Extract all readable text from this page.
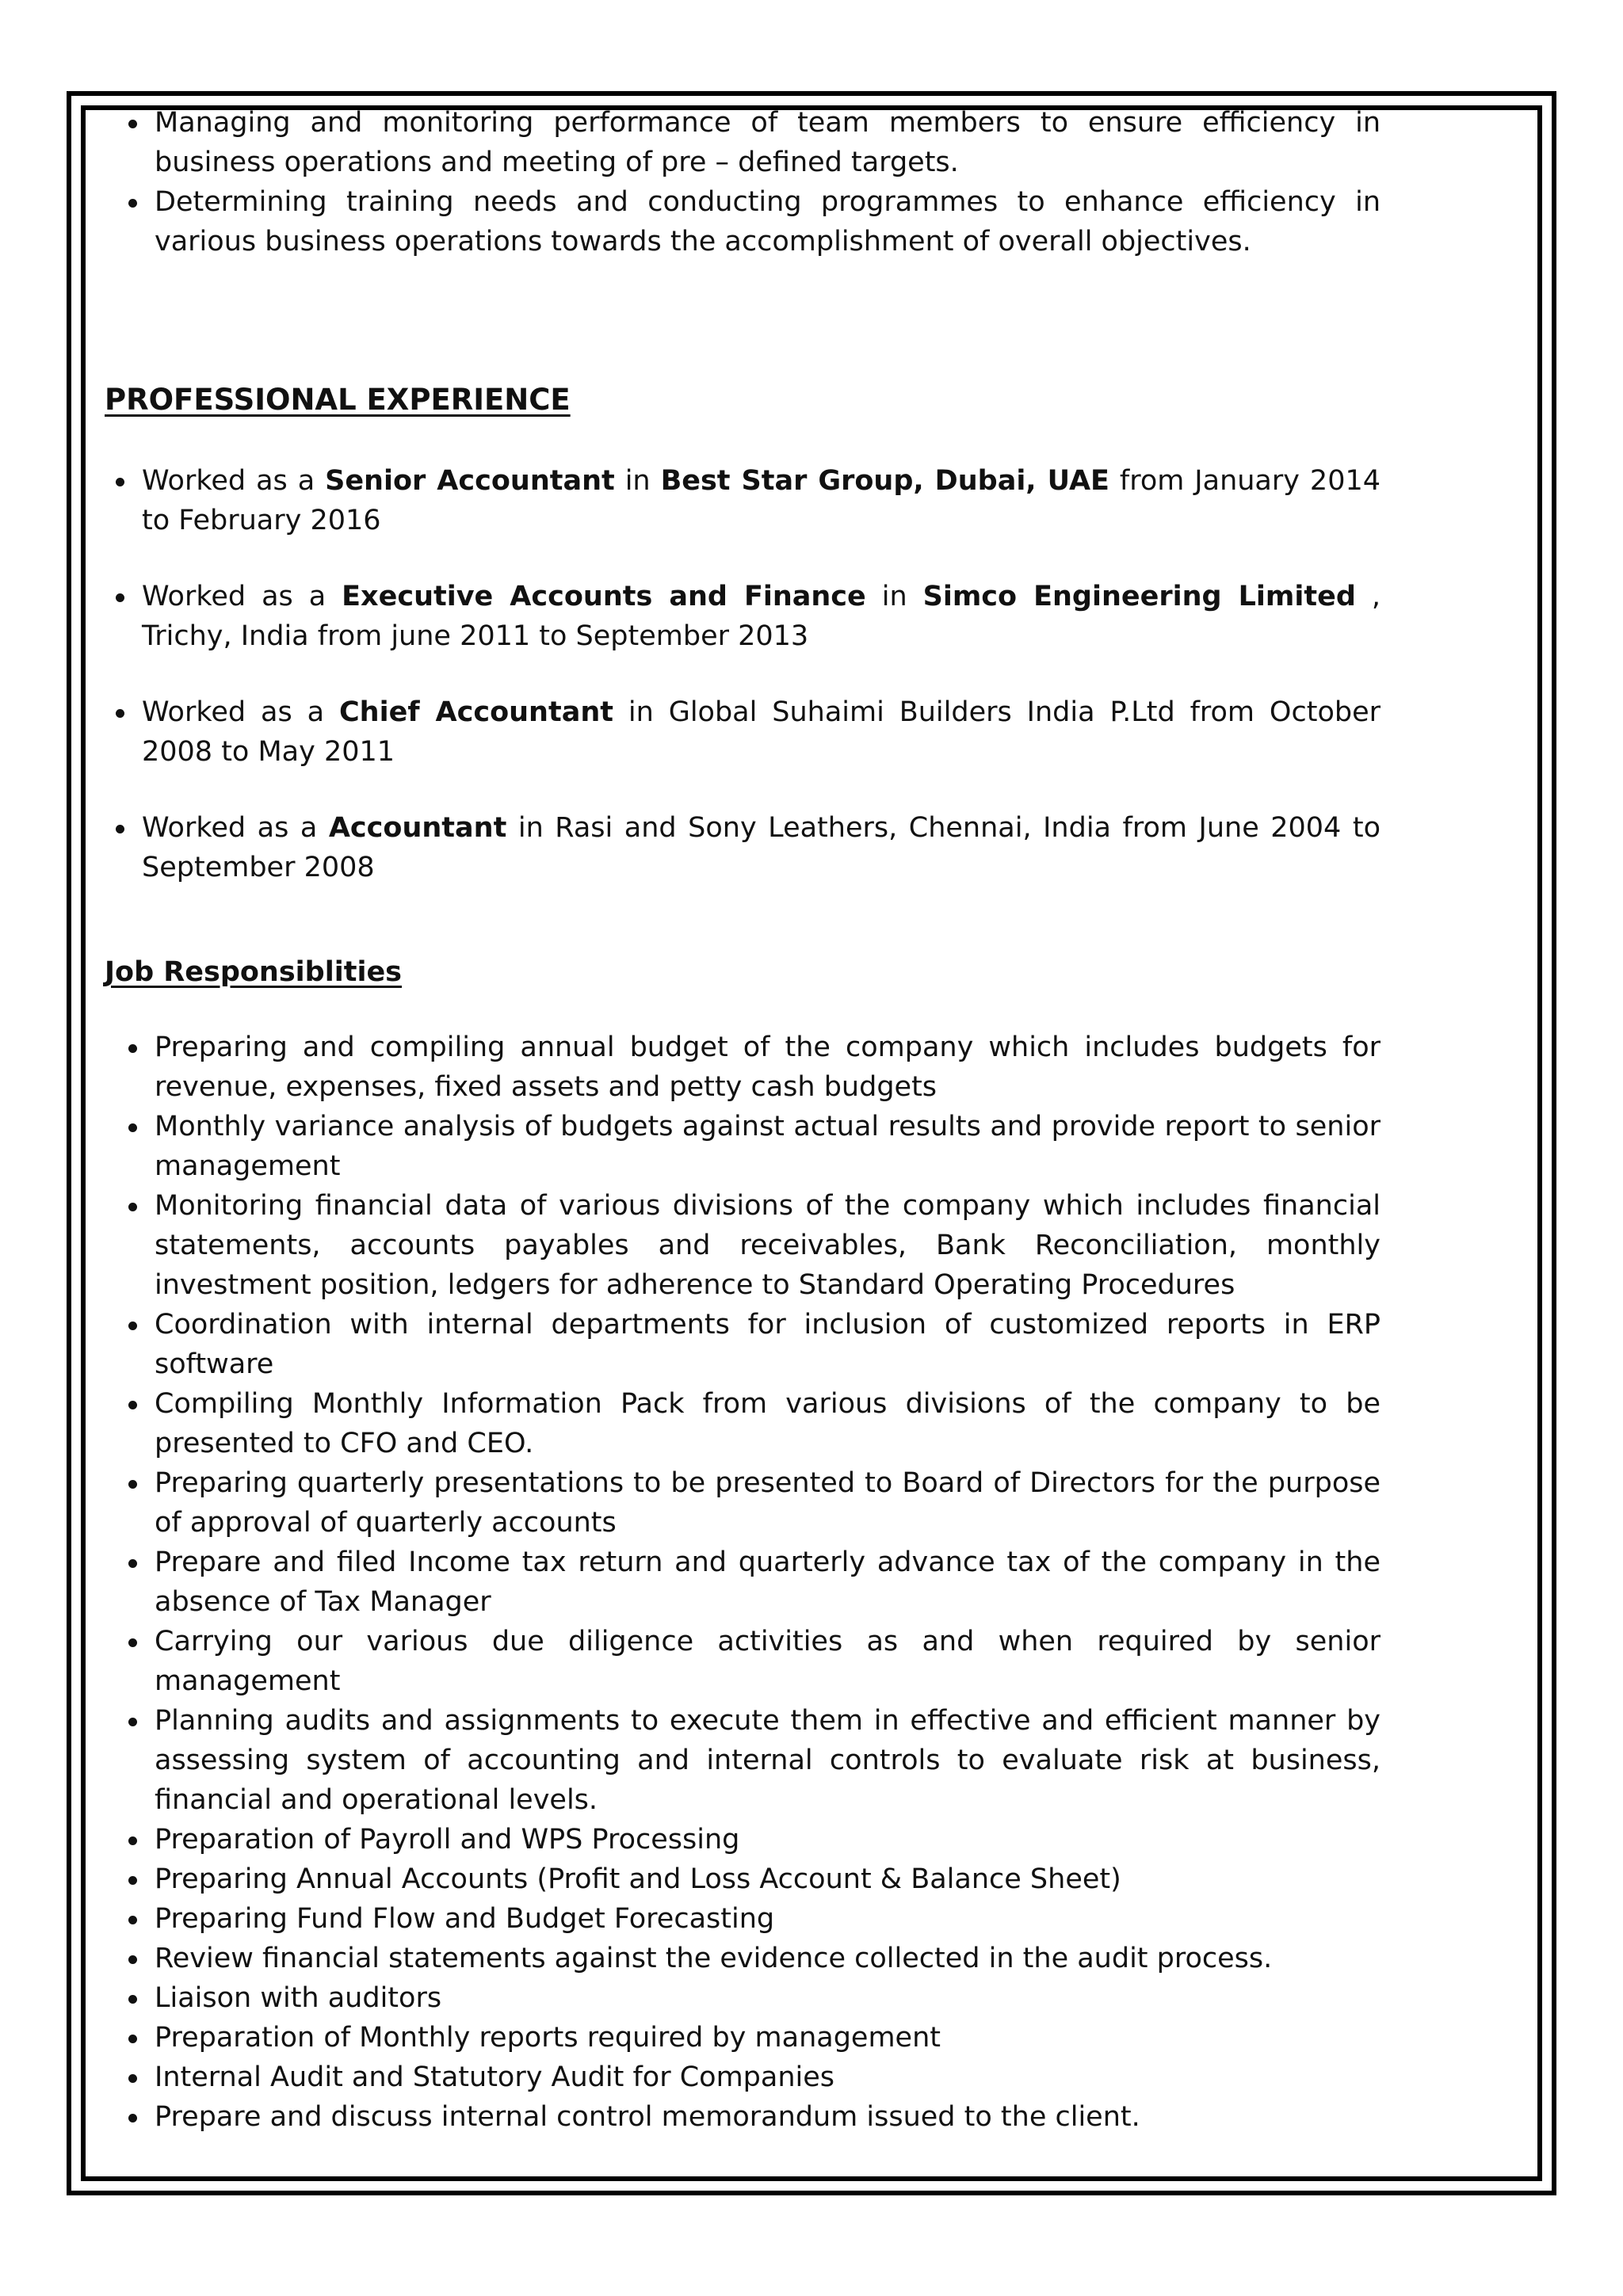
Managing and monitoring performance of team members to ensure efficiency in business operations and meeting of pre – defined targets.
Determining training needs and conducting programmes to enhance efficiency in various business operations towards the accomplishment of overall objectives.
PROFESSIONAL EXPERIENCE
Worked as a Senior Accountant in Best Star Group, Dubai, UAE from January 2014 to February 2016
Worked as a Executive Accounts and Finance in Simco Engineering Limited , Trichy, India from june 2011 to September 2013
Worked as a Chief Accountant in Global Suhaimi Builders India P.Ltd from October 2008 to May 2011
Worked as a Accountant in Rasi and Sony Leathers, Chennai, India from June 2004 to September 2008
Job Responsiblities
Preparing and compiling annual budget of the company which includes budgets for revenue, expenses, fixed assets and petty cash budgets
Monthly variance analysis of budgets against actual results and provide report to senior management
Monitoring financial data of various divisions of the company which includes financial statements, accounts payables and receivables, Bank Reconciliation, monthly investment position, ledgers for adherence to Standard Operating Procedures
Coordination with internal departments for inclusion of customized reports in ERP software
Compiling Monthly Information Pack from various divisions of the company to be presented to CFO and CEO.
Preparing quarterly presentations to be presented to Board of Directors for the purpose of approval of quarterly accounts
Prepare and filed Income tax return and quarterly advance tax of the company in the absence of Tax Manager
Carrying our various due diligence activities as and when required by senior management
Planning audits and assignments to execute them in effective and efficient manner by assessing system of accounting and internal controls to evaluate risk at business, financial and operational levels.
Preparation of Payroll and WPS Processing
Preparing Annual Accounts (Profit and Loss Account & Balance Sheet)
Preparing Fund Flow and Budget Forecasting
Review financial statements against the evidence collected in the audit process.
Liaison with auditors
Preparation of Monthly reports required by management
Internal Audit and Statutory Audit for Companies
Prepare and discuss internal control memorandum issued to the client.
